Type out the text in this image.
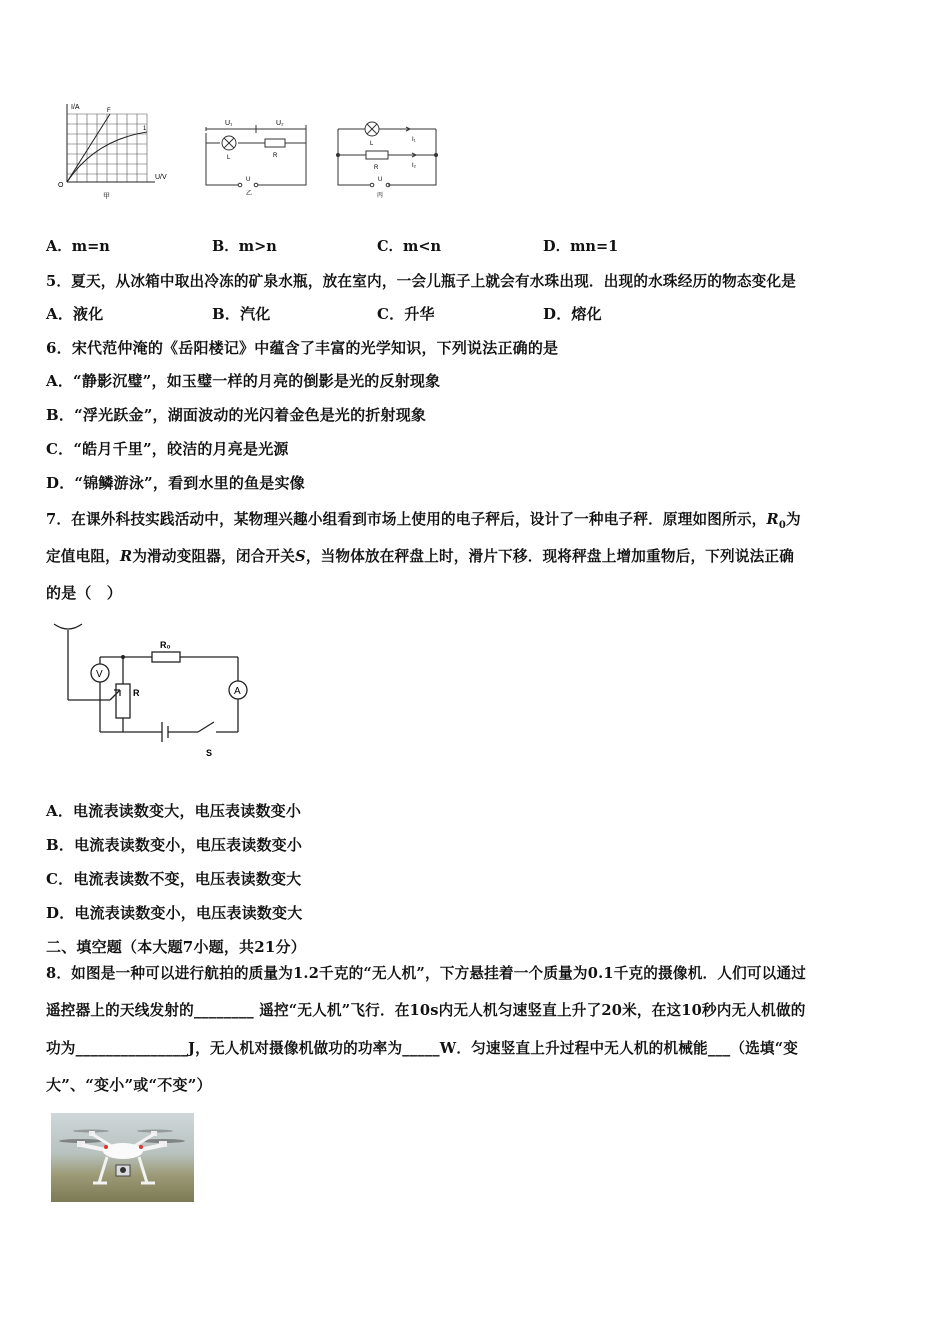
I/A
U/V
O
F
1
甲
U₁	U₂
L	R
U
乙
L
I₁
R	I₂
U
丙
A．m=n	B．m>n	C．m<n	D．mn=1
5．夏天，从冰箱中取出冷冻的矿泉水瓶，放在室内，一会儿瓶子上就会有水珠出现．出现的水珠经历的物态变化是
A．液化	B．汽化	C．升华	D．熔化
6．宋代范仲淹的《岳阳楼记》中蕴含了丰富的光学知识，下列说法正确的是
A．“静影沉璧”，如玉璧一样的月亮的倒影是光的反射现象
B．“浮光跃金”，湖面波动的光闪着金色是光的折射现象
C．“皓月千里”，皎洁的月亮是光源
D．“锦鳞游泳”，看到水里的鱼是实像
7．在课外科技实践活动中，某物理兴趣小组看到市场上使用的电子秤后，设计了一种电子秤．原理如图所示，$R_0$为
定值电阻，R为滑动变阻器，闭合开关S，当物体放在秤盘上时，滑片下移．现将秤盘上增加重物后，下列说法正确
的是（　）
V
A
R₀
R
S
A．电流表读数变大，电压表读数变小
B．电流表读数变小，电压表读数变小
C．电流表读数不变，电压表读数变大
D．电流表读数变小，电压表读数变大
二、填空题（本大题7小题，共21分）
8．如图是一种可以进行航拍的质量为1.2千克的“无人机”，下方悬挂着一个质量为0.1千克的摄像机．人们可以通过
遥控器上的天线发射的________ 遥控“无人机”飞行．在10s内无人机匀速竖直上升了20米，在这10秒内无人机做的
功为_______________J，无人机对摄像机做功的功率为_____W．匀速竖直上升过程中无人机的机械能___（选填“变
大”、“变小”或“不变”）
